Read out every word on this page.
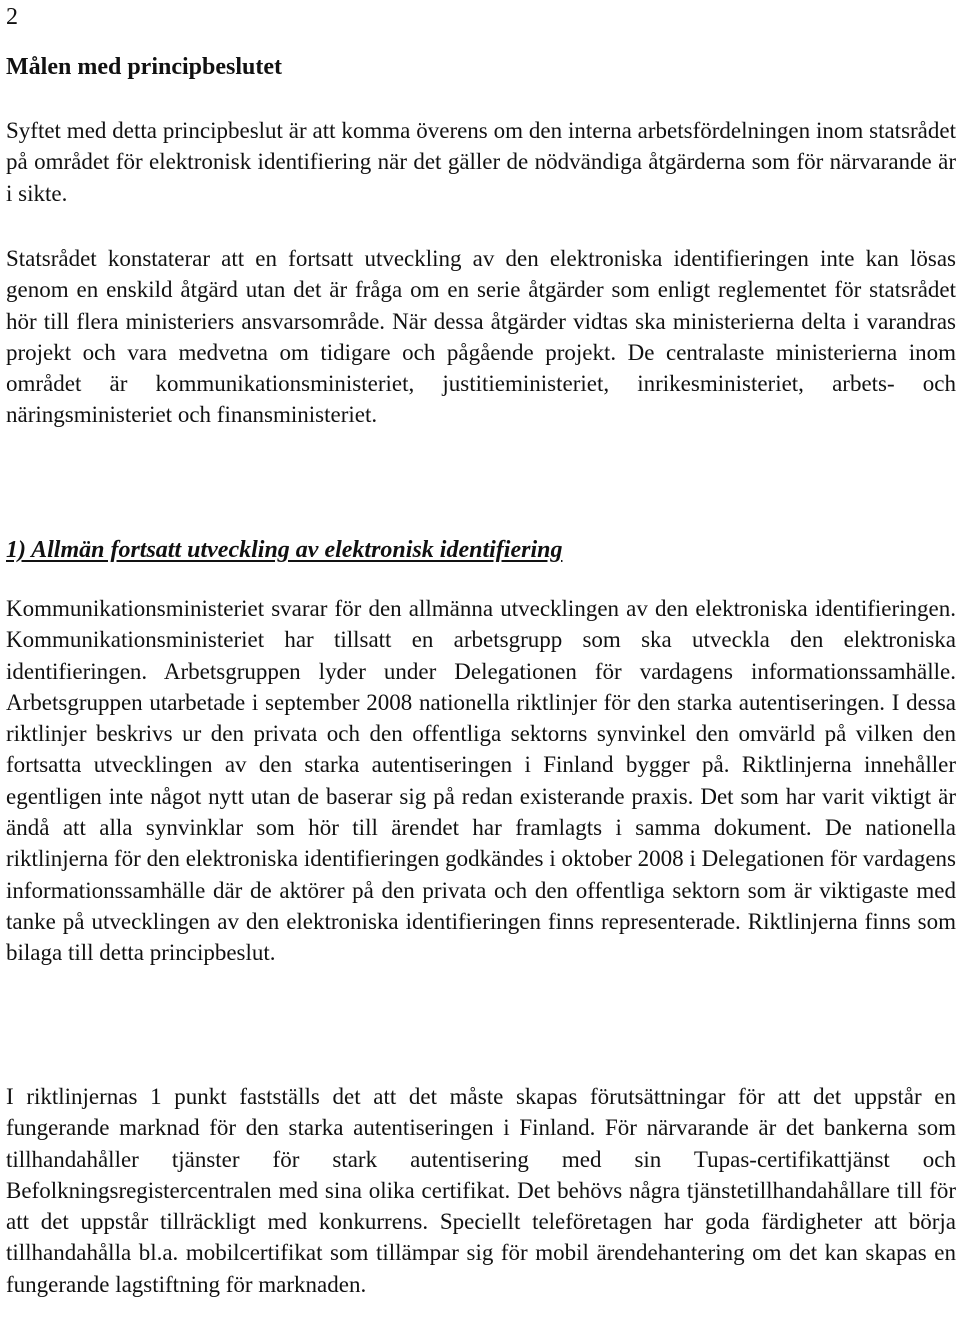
2
Målen med principbeslutet

Syftet med detta principbeslut är att komma överens om den interna arbetsfördelningen inom statsrådet på området för elektronisk identifiering när det gäller de nödvändiga åtgärderna som för närvarande är i sikte.

Statsrådet konstaterar att en fortsatt utveckling av den elektroniska identifieringen inte kan lösas genom en enskild åtgärd utan det är fråga om en serie åtgärder som enligt reglementet för statsrådet hör till flera ministeriers ansvarsområde. När dessa åtgärder vidtas ska ministerierna delta i varandras projekt och vara medvetna om tidigare och pågående projekt. De centralaste ministerierna inom området är kommunikationsministeriet, justitieministeriet, inrikesministeriet, arbets- och näringsministeriet och finansministeriet.

1) Allmän fortsatt utveckling av elektronisk identifiering

Kommunikationsministeriet svarar för den allmänna utvecklingen av den elektroniska identifieringen. Kommunikationsministeriet har tillsatt en arbetsgrupp som ska utveckla den elektroniska identifieringen. Arbetsgruppen lyder under Delegationen för vardagens informationssamhälle. Arbetsgruppen utarbetade i september 2008 nationella riktlinjer för den starka autentiseringen. I dessa riktlinjer beskrivs ur den privata och den offentliga sektorns synvinkel den omvärld på vilken den fortsatta utvecklingen av den starka autentiseringen i Finland bygger på. Riktlinjerna innehåller egentligen inte något nytt utan de baserar sig på redan existerande praxis. Det som har varit viktigt är ändå att alla synvinklar som hör till ärendet har framlagts i samma dokument. De nationella riktlinjerna för den elektroniska identifieringen godkändes i oktober 2008 i Delegationen för vardagens informationssamhälle där de aktörer på den privata och den offentliga sektorn som är viktigaste med tanke på utvecklingen av den elektroniska identifieringen finns representerade. Riktlinjerna finns som bilaga till detta principbeslut.

I riktlinjernas 1 punkt fastställs det att det måste skapas förutsättningar för att det uppstår en fungerande marknad för den starka autentiseringen i Finland. För närvarande är det bankerna som tillhandahåller tjänster för stark autentisering med sin Tupas-certifikattjänst och Befolkningsregistercentralen med sina olika certifikat. Det behövs några tjänstetillhandahållare till för att det uppstår tillräckligt med konkurrens. Speciellt teleföretagen har goda färdigheter att börja tillhandahålla bl.a. mobilcertifikat som tillämpar sig för mobil ärendehantering om det kan skapas en fungerande lagstiftning för marknaden.
